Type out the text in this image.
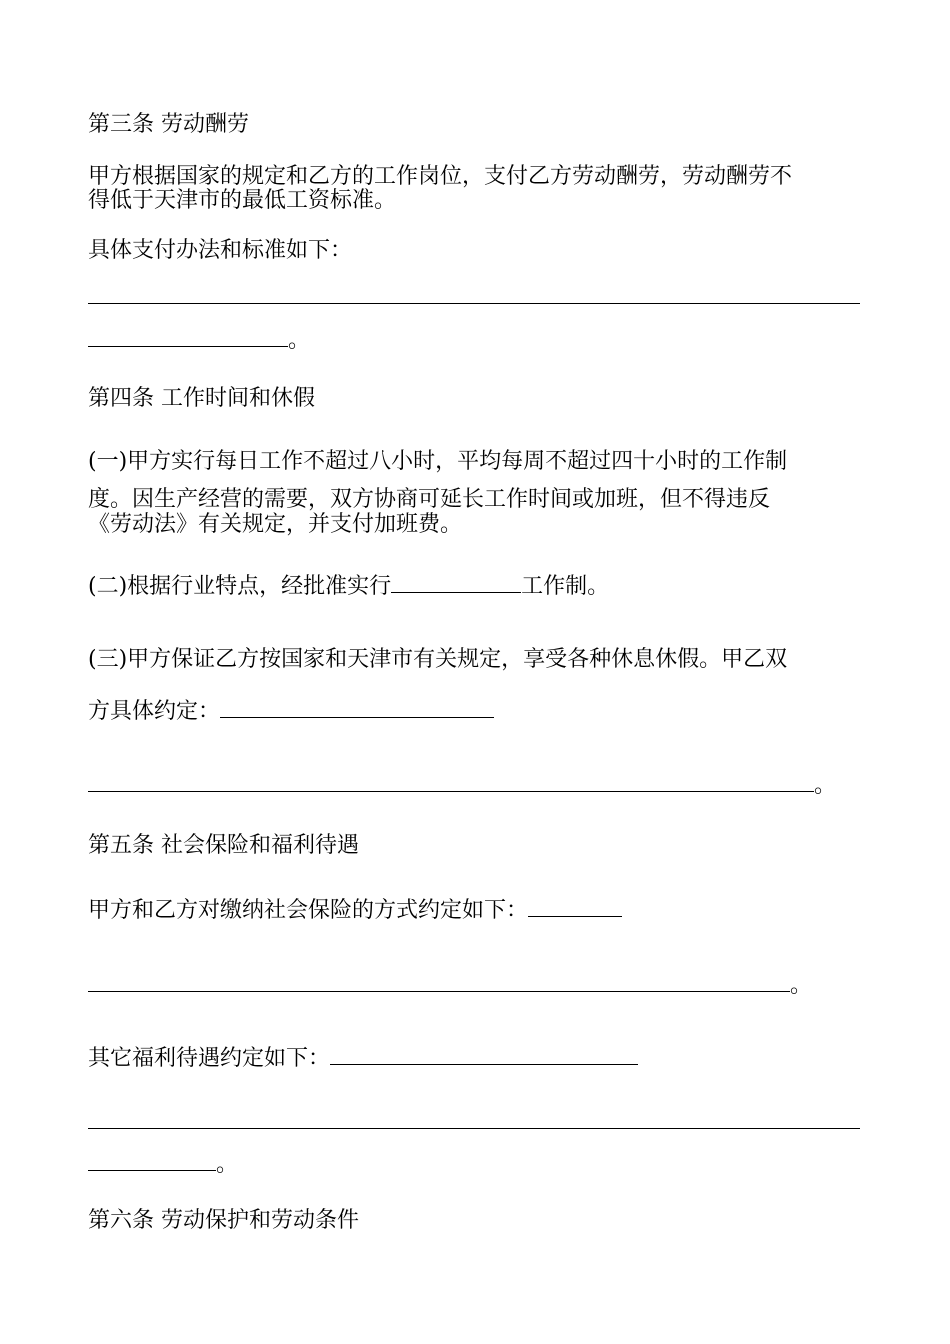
第三条 劳动酬劳

甲方根据国家的规定和乙方的工作岗位，支付乙方劳动酬劳，劳动酬劳不

得低于天津市的最低工资标准。

具体支付办法和标准如下：

。

第四条 工作时间和休假

(一)甲方实行每日工作不超过八小时，平均每周不超过四十小时的工作制

度。因生产经营的需要，双方协商可延长工作时间或加班，但不得违反

《劳动法》有关规定，并支付加班费。

(二)根据行业特点，经批准实行	工作制。

(三)甲方保证乙方按国家和天津市有关规定，享受各种休息休假。甲乙双

方具体约定：

。

第五条 社会保险和福利待遇

甲方和乙方对缴纳社会保险的方式约定如下：

。

其它福利待遇约定如下：

。

第六条 劳动保护和劳动条件
